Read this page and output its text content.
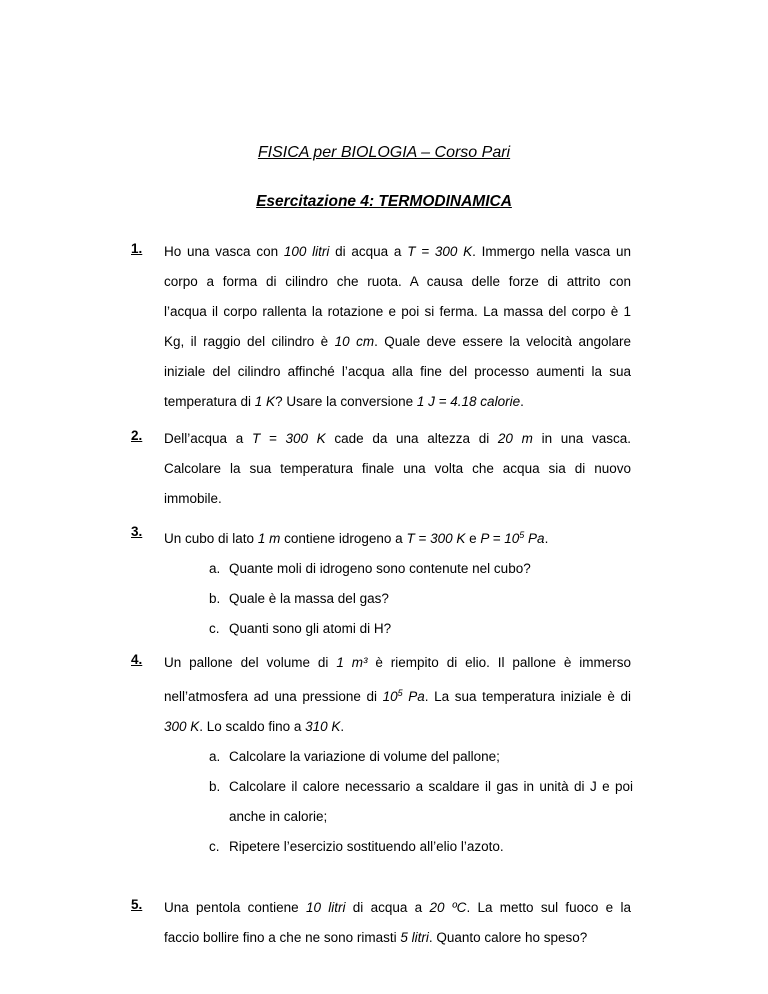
FISICA per BIOLOGIA – Corso Pari
Esercitazione 4: TERMODINAMICA
1. Ho una vasca con 100 litri di acqua a T = 300 K. Immergo nella vasca un
corpo a forma di cilindro che ruota. A causa delle forze di attrito con
l’acqua il corpo rallenta la rotazione e poi si ferma. La massa del corpo è 1
Kg, il raggio del cilindro è 10 cm. Quale deve essere la velocità angolare
iniziale del cilindro affinché l’acqua alla fine del processo aumenti la sua
temperatura di 1 K? Usare la conversione 1 J = 4.18 calorie.
2. Dell’acqua a T = 300 K cade da una altezza di 20 m in una vasca.
Calcolare la sua temperatura finale una volta che acqua sia di nuovo
immobile.
3. Un cubo di lato 1 m contiene idrogeno a T = 300 K e $P = 10^5$ Pa.
a. Quante moli di idrogeno sono contenute nel cubo?
b. Quale è la massa del gas?
c. Quanti sono gli atomi di H?
4. Un pallone del volume di 1 m³ è riempito di elio. Il pallone è immerso
nell’atmosfera ad una pressione di $10^5$ Pa. La sua temperatura iniziale è di
300 K. Lo scaldo fino a 310 K.
a. Calcolare la variazione di volume del pallone;
b. Calcolare il calore necessario a scaldare il gas in unità di J e poi anche in calorie;
c. Ripetere l’esercizio sostituendo all’elio l’azoto.
5. Una pentola contiene 10 litri di acqua a 20 ºC. La metto sul fuoco e la
faccio bollire fino a che ne sono rimasti 5 litri. Quanto calore ho speso?
